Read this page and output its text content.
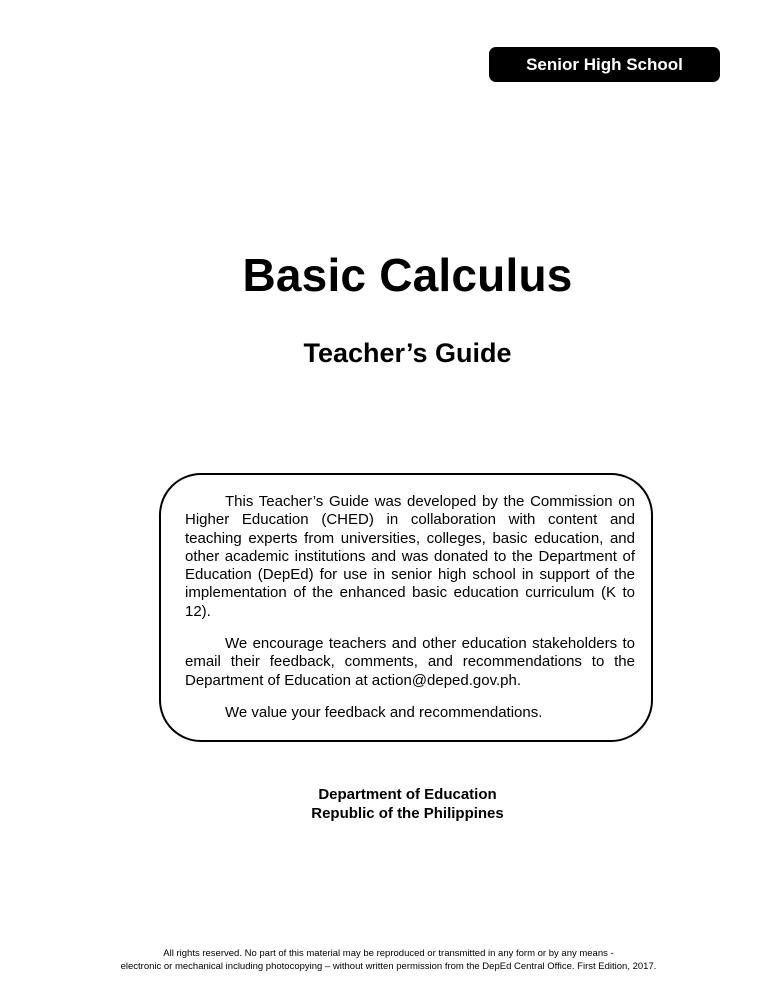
Senior High School
Basic Calculus
Teacher’s Guide

This Teacher’s Guide was developed by the Commission on Higher Education (CHED) in collaboration with content and teaching experts from universities, colleges, basic education, and other academic institutions and was donated to the Department of Education (DepEd) for use in senior high school in support of the implementation of the enhanced basic education curriculum (K to 12).

We encourage teachers and other education stakeholders to email their feedback, comments, and recommendations to the Department of Education at action@deped.gov.ph.

We value your feedback and recommendations.

Department of Education
Republic of the Philippines
All rights reserved. No part of this material may be reproduced or transmitted in any form or by any means -
electronic or mechanical including photocopying – without written permission from the DepEd Central Office. First Edition, 2017.
